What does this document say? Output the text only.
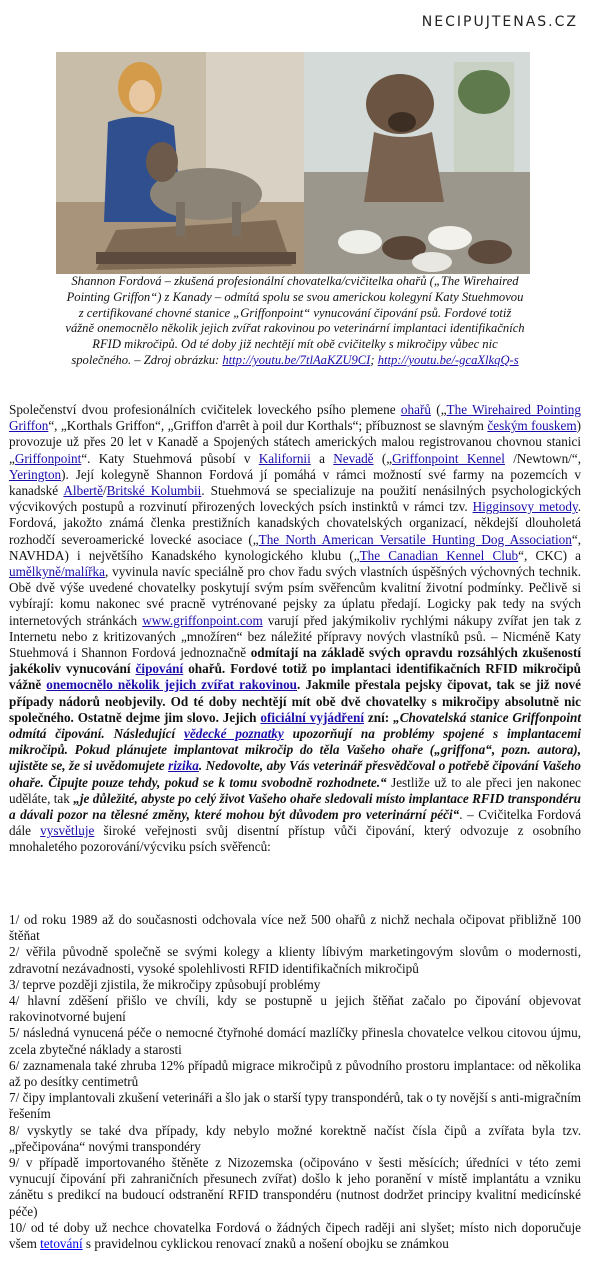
NECIPUJTENAS.CZ
Shannon Fordová – zkušená profesionální chovatelka/cvičitelka ohařů („The Wirehaired Pointing Griffon“) z Kanady – odmítá spolu se svou americkou kolegyní Katy Stuehmovou z certifikované chovné stanice „Griffonpoint“ vynucování čipování psů. Fordové totiž vážně onemocnělo několik jejich zvířat rakovinou po veterinární implantaci identifikačních RFID mikročipů. Od té doby již nechtějí mít obě cvičitelky s mikročipy vůbec nic společného. – Zdroj obrázku: http://youtu.be/7tlAaKZU9CI; http://youtu.be/-gcaXlkqQ-s
Společenství dvou profesionálních cvičitelek loveckého psího plemene ohařů („The Wirehaired Pointing Griffon“, „Korthals Griffon“, „Griffon d'arrêt à poil dur Korthals“; příbuznost se slavným českým fouskem) provozuje už přes 20 let v Kanadě a Spojených státech amerických malou registrovanou chovnou stanici „Griffonpoint“. Katy Stuehmová působí v Kalifornii a Nevadě („Griffonpoint Kennel /Newtown/“, Yerington). Její kolegyně Shannon Fordová jí pomáhá v rámci možností své farmy na pozemcích v kanadské Albertě/Britské Kolumbii. Stuehmová se specializuje na použití nenásilných psychologických výcvikových postupů a rozvinutí přirozených loveckých psích instinktů v rámci tzv. Higginsovy metody. Fordová, jakožto známá členka prestižních kanadských chovatelských organizací, někdejší dlouholetá rozhodčí severoamerické lovecké asociace („The North American Versatile Hunting Dog Association“, NAVHDA) i největšího Kanadského kynologického klubu („The Canadian Kennel Club“, CKC) a umělkyně/malířka, vyvinula navíc speciálně pro chov řadu svých vlastních úspěšných výchovných technik. Obě dvě výše uvedené chovatelky poskytují svým psím svěřencům kvalitní životní podmínky. Pečlivě si vybírají: komu nakonec své pracně vytrénované pejsky za úplatu předají. Logicky pak tedy na svých internetových stránkách www.griffonpoint.com varují před jakýmikoliv rychlými nákupy zvířat jen tak z Internetu nebo z kritizovaných „množíren“ bez náležité přípravy nových vlastníků psů. – Nicméně Katy Stuehmová i Shannon Fordová jednoznačně odmítají na základě svých opravdu rozsáhlých zkušeností jakékoliv vynucování čipování ohařů. Fordové totiž po implantaci identifikačních RFID mikročipů vážně onemocnělo několik jejich zvířat rakovinou. Jakmile přestala pejsky čipovat, tak se již nové případy nádorů neobjevily. Od té doby nechtějí mít obě dvě chovatelky s mikročipy absolutně nic společného. Ostatně dejme jim slovo. Jejich oficiální vyjádření zní: „Chovatelská stanice Griffonpoint odmítá čipování. Následující vědecké poznatky upozorňují na problémy spojené s implantacemi mikročipů. Pokud plánujete implantovat mikročip do těla Vašeho ohaře („griffona“, pozn. autora), ujistěte se, že si uvědomujete rizika. Nedovolte, aby Vás veterinář přesvědčoval o potřebě čipování Vašeho ohaře. Čipujte pouze tehdy, pokud se k tomu svobodně rozhodnete.“ Jestliže už to ale přeci jen nakonec uděláte, tak „je důležité, abyste po celý život Vašeho ohaře sledovali místo implantace RFID transpondéru a dávali pozor na tělesné změny, které mohou být důvodem pro veterinární péči“. – Cvičitelka Fordová dále vysvětluje široké veřejnosti svůj disentní přístup vůči čipování, který odvozuje z osobního mnohaletého pozorování/výcviku psích svěřenců:
1/ od roku 1989 až do současnosti odchovala více než 500 ohařů z nichž nechala očipovat přibližně 100 štěňat
2/ věřila původně společně se svými kolegy a klienty líbivým marketingovým slovům o modernosti, zdravotní nezávadnosti, vysoké spolehlivosti RFID identifikačních mikročipů
3/ teprve později zjistila, že mikročipy způsobují problémy
4/ hlavní zděšení přišlo ve chvíli, kdy se postupně u jejich štěňat začalo po čipování objevovat rakovinotvorné bujení
5/ následná vynucená péče o nemocné čtyřnohé domácí mazlíčky přinesla chovatelce velkou citovou újmu, zcela zbytečné náklady a starosti
6/ zaznamenala také zhruba 12% případů migrace mikročipů z původního prostoru implantace: od několika až po desítky centimetrů
7/ čipy implantovali zkušení veterináři a šlo jak o starší typy transpondérů, tak o ty novější s anti-migračním řešením
8/ vyskytly se také dva případy, kdy nebylo možné korektně načíst čísla čipů a zvířata byla tzv. „přečipována“ novými transpondéry
9/ v případě importovaného štěněte z Nizozemska (očipováno v šesti měsících; úředníci v této zemi vynucují čipování při zahraničních přesunech zvířat) došlo k jeho poranění v místě implantátu a vzniku zánětu s predikcí na budoucí odstranění RFID transpondéru (nutnost dodržet principy kvalitní medicínské péče)
10/ od té doby už nechce chovatelka Fordová o žádných čipech raději ani slyšet; místo nich doporučuje všem tetování s pravidelnou cyklickou renovací znaků a nošení obojku se známkou
